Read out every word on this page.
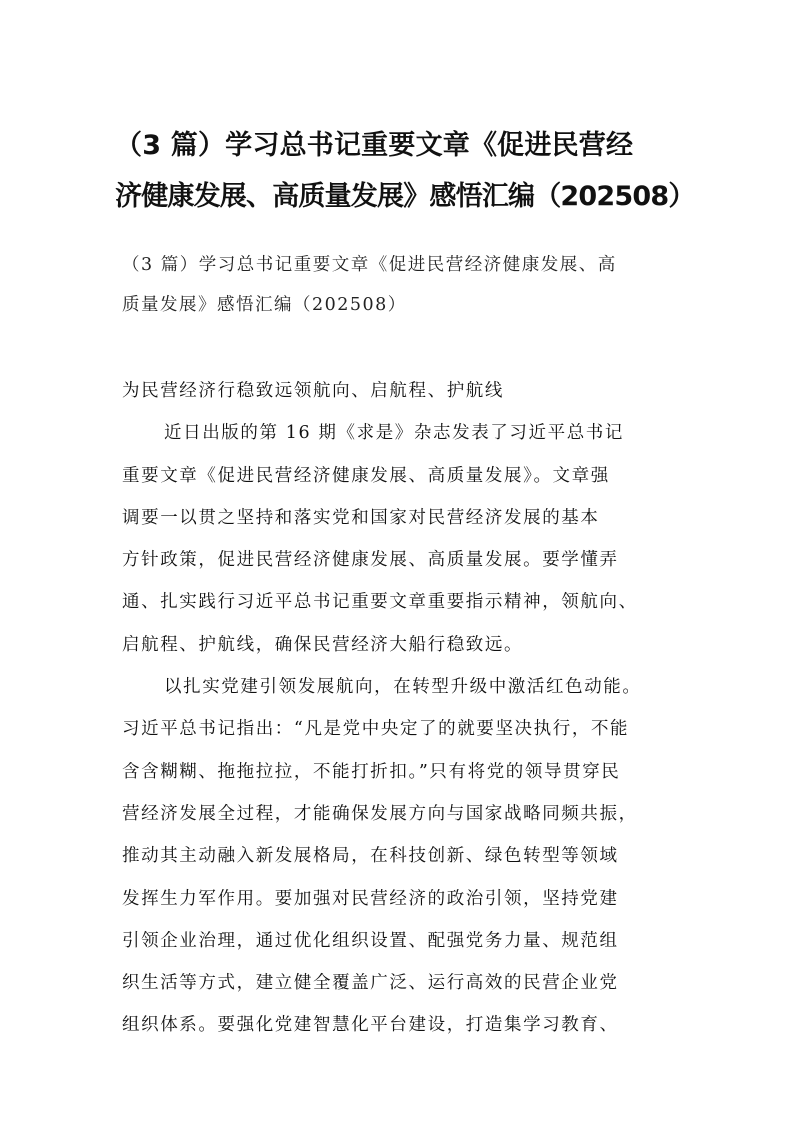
（3 篇）学习总书记重要文章《促进民营经
济健康发展、高质量发展》感悟汇编（202508）

（3 篇）学习总书记重要文章《促进民营经济健康发展、高
质量发展》感悟汇编（202508）

为民营经济行稳致远领航向、启航程、护航线
近日出版的第 16 期《求是》杂志发表了习近平总书记
重要文章《促进民营经济健康发展、高质量发展》。文章强
调要一以贯之坚持和落实党和国家对民营经济发展的基本
方针政策，促进民营经济健康发展、高质量发展。要学懂弄
通、扎实践行习近平总书记重要文章重要指示精神，领航向、
启航程、护航线，确保民营经济大船行稳致远。
以扎实党建引领发展航向，在转型升级中激活红色动能。
习近平总书记指出：“凡是党中央定了的就要坚决执行，不能
含含糊糊、拖拖拉拉，不能打折扣。”只有将党的领导贯穿民
营经济发展全过程，才能确保发展方向与国家战略同频共振，
推动其主动融入新发展格局，在科技创新、绿色转型等领域
发挥生力军作用。要加强对民营经济的政治引领，坚持党建
引领企业治理，通过优化组织设置、配强党务力量、规范组
织生活等方式，建立健全覆盖广泛、运行高效的民营企业党
组织体系。要强化党建智慧化平台建设，打造集学习教育、
